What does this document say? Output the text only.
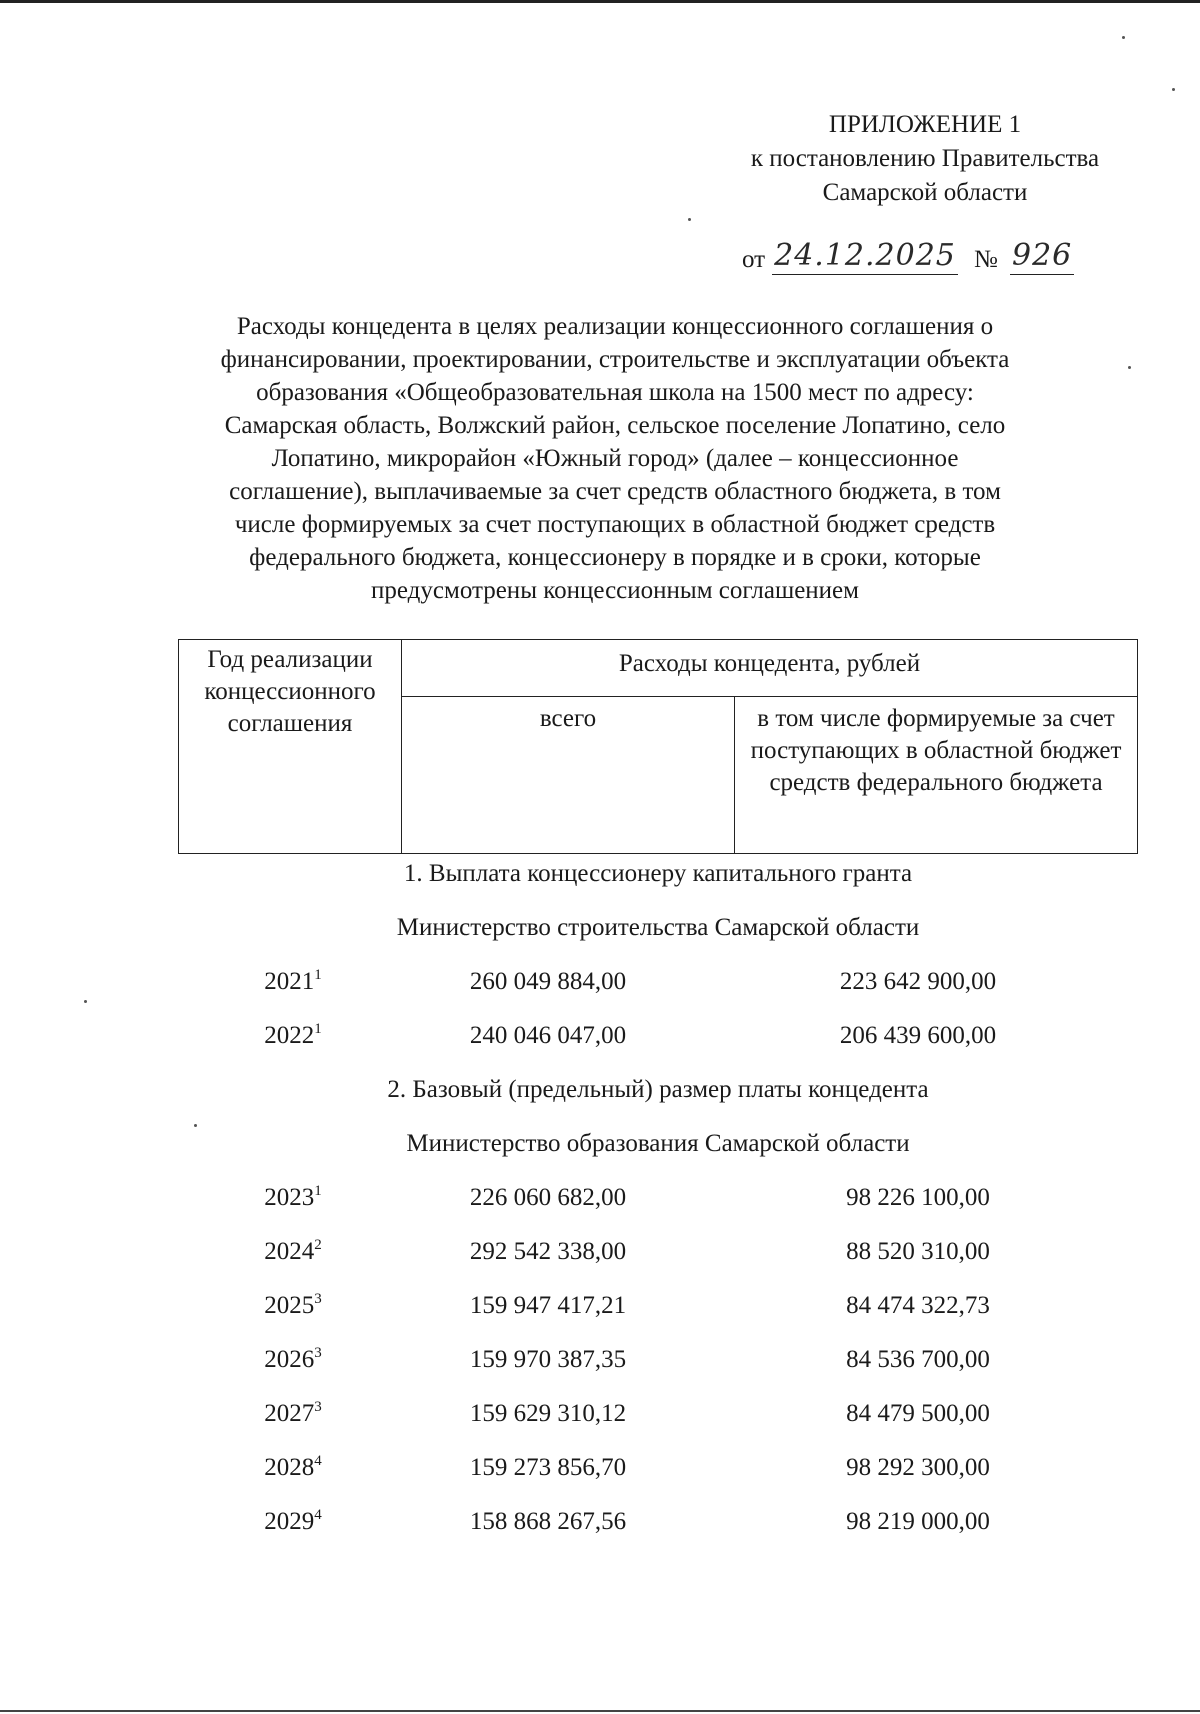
ПРИЛОЖЕНИЕ 1
к постановлению Правительства
Самарской области
от 24.12.2025 № 926
Расходы концедента в целях реализации концессионного соглашения о
финансировании, проектировании, строительстве и эксплуатации объекта
образования «Общеобразовательная школа на 1500 мест по адресу:
Самарская область, Волжский район, сельское поселение Лопатино, село
Лопатино, микрорайон «Южный город» (далее – концессионное
соглашение), выплачиваемые за счет средств областного бюджета, в том
числе формируемых за счет поступающих в областной бюджет средств
федерального бюджета, концессионеру в порядке и в сроки, которые
предусмотрены концессионным соглашением
Год реализации концессионного соглашения	Расходы концедента, рублей	
	всего	в том числе формируемые за счет поступающих в областной бюджет средств федерального бюджета
1. Выплата концессионеру капитального гранта
Министерство строительства Самарской области
2021$^1$	260 049 884,00	223 642 900,00
2022$^1$	240 046 047,00	206 439 600,00
2. Базовый (предельный) размер платы концедента
Министерство образования Самарской области
2023$^1$	226 060 682,00	98 226 100,00
2024$^2$	292 542 338,00	88 520 310,00
2025$^3$	159 947 417,21	84 474 322,73
2026$^3$	159 970 387,35	84 536 700,00
2027$^3$	159 629 310,12	84 479 500,00
2028$^4$	159 273 856,70	98 292 300,00
2029$^4$	158 868 267,56	98 219 000,00
